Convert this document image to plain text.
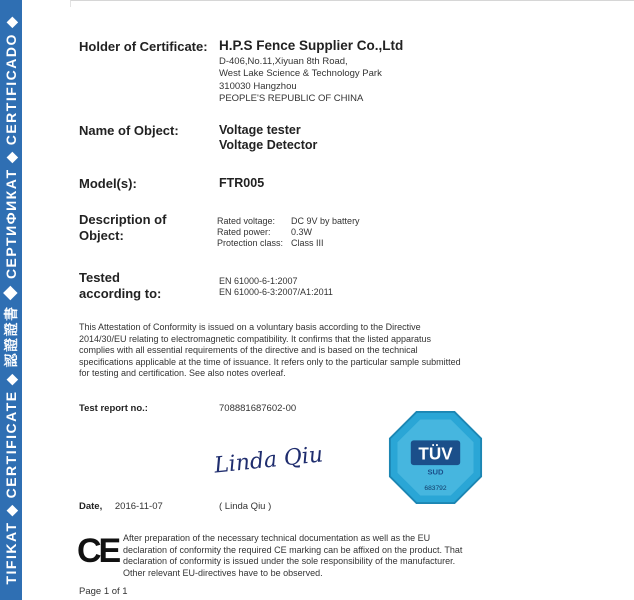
TIFIKAT ◆ CERTIFICATE ◆ 認證證書 ◆ СЕРТИФИКАТ ◆ CERTIFICADO ◆	Holder of Certificate: H.P.S Fence Supplier Co.,Ltd
D-406,No.11,Xiyuan 8th Road,
West Lake Science & Technology Park
310030 Hangzhou
PEOPLE'S REPUBLIC OF CHINA
Name of Object:	Voltage tester
Voltage Detector
Model(s):	FTR005
Description of
Object:
Rated voltage:	DC 9V by battery
Rated power:	0.3W
Protection class:	Class III
Tested
according to:
EN 61000-6-1:2007
EN 61000-6-3:2007/A1:2011
This Attestation of Conformity is issued on a voluntary basis according to the Directive
2014/30/EU relating to electromagnetic compatibility. It confirms that the listed apparatus
complies with all essential requirements of the directive and is based on the technical
specifications applicable at the time of issuance. It refers only to the particular sample submitted
for testing and certification. See also notes overleaf.
Test report no.:	708881687602-00
Linda Qiu
( Linda Qiu )
Date, 2016-11-07
TÜV
SUD
683792
CE After preparation of the necessary technical documentation as well as the EU
declaration of conformity the required CE marking can be affixed on the product. That
declaration of conformity is issued under the sole responsibility of the manufacturer.
Other relevant EU-directives have to be observed.
Page 1 of 1
